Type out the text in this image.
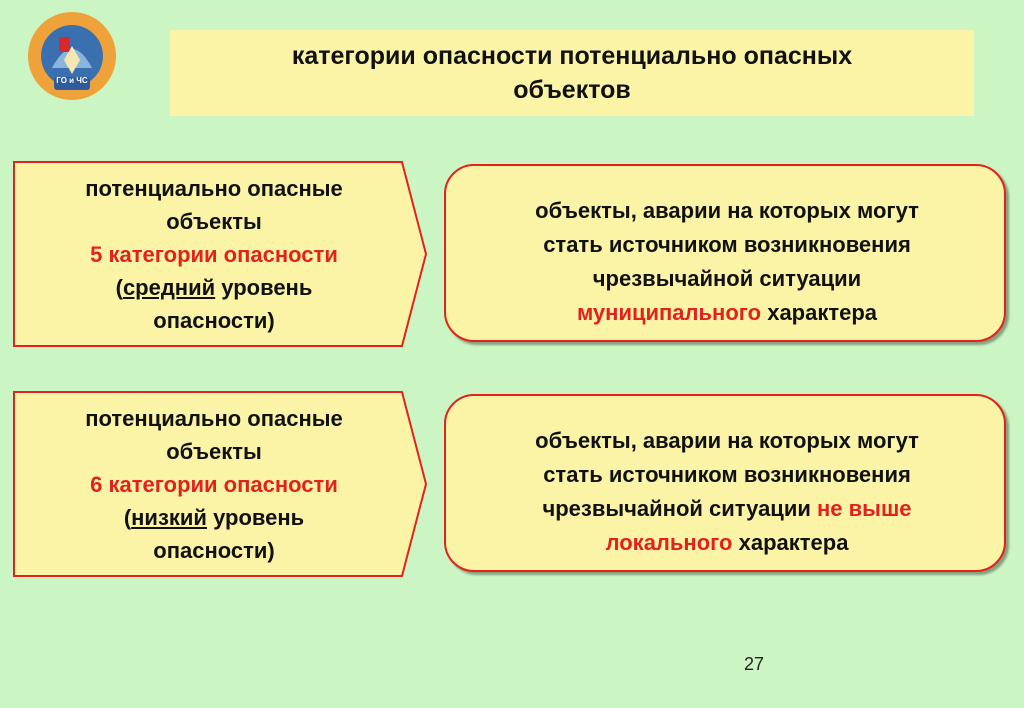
ГО и ЧС
категории опасности потенциально опасных
объектов
потенциально опасные
объекты
5 категории опасности
(средний уровень
опасности)
объекты, аварии на которых могут
стать источником возникновения
чрезвычайной ситуации
муниципального характера
потенциально опасные
объекты
6 категории опасности
(низкий уровень
опасности)
объекты, аварии на которых могут
стать источником возникновения
чрезвычайной ситуации не выше
локального характера
27
